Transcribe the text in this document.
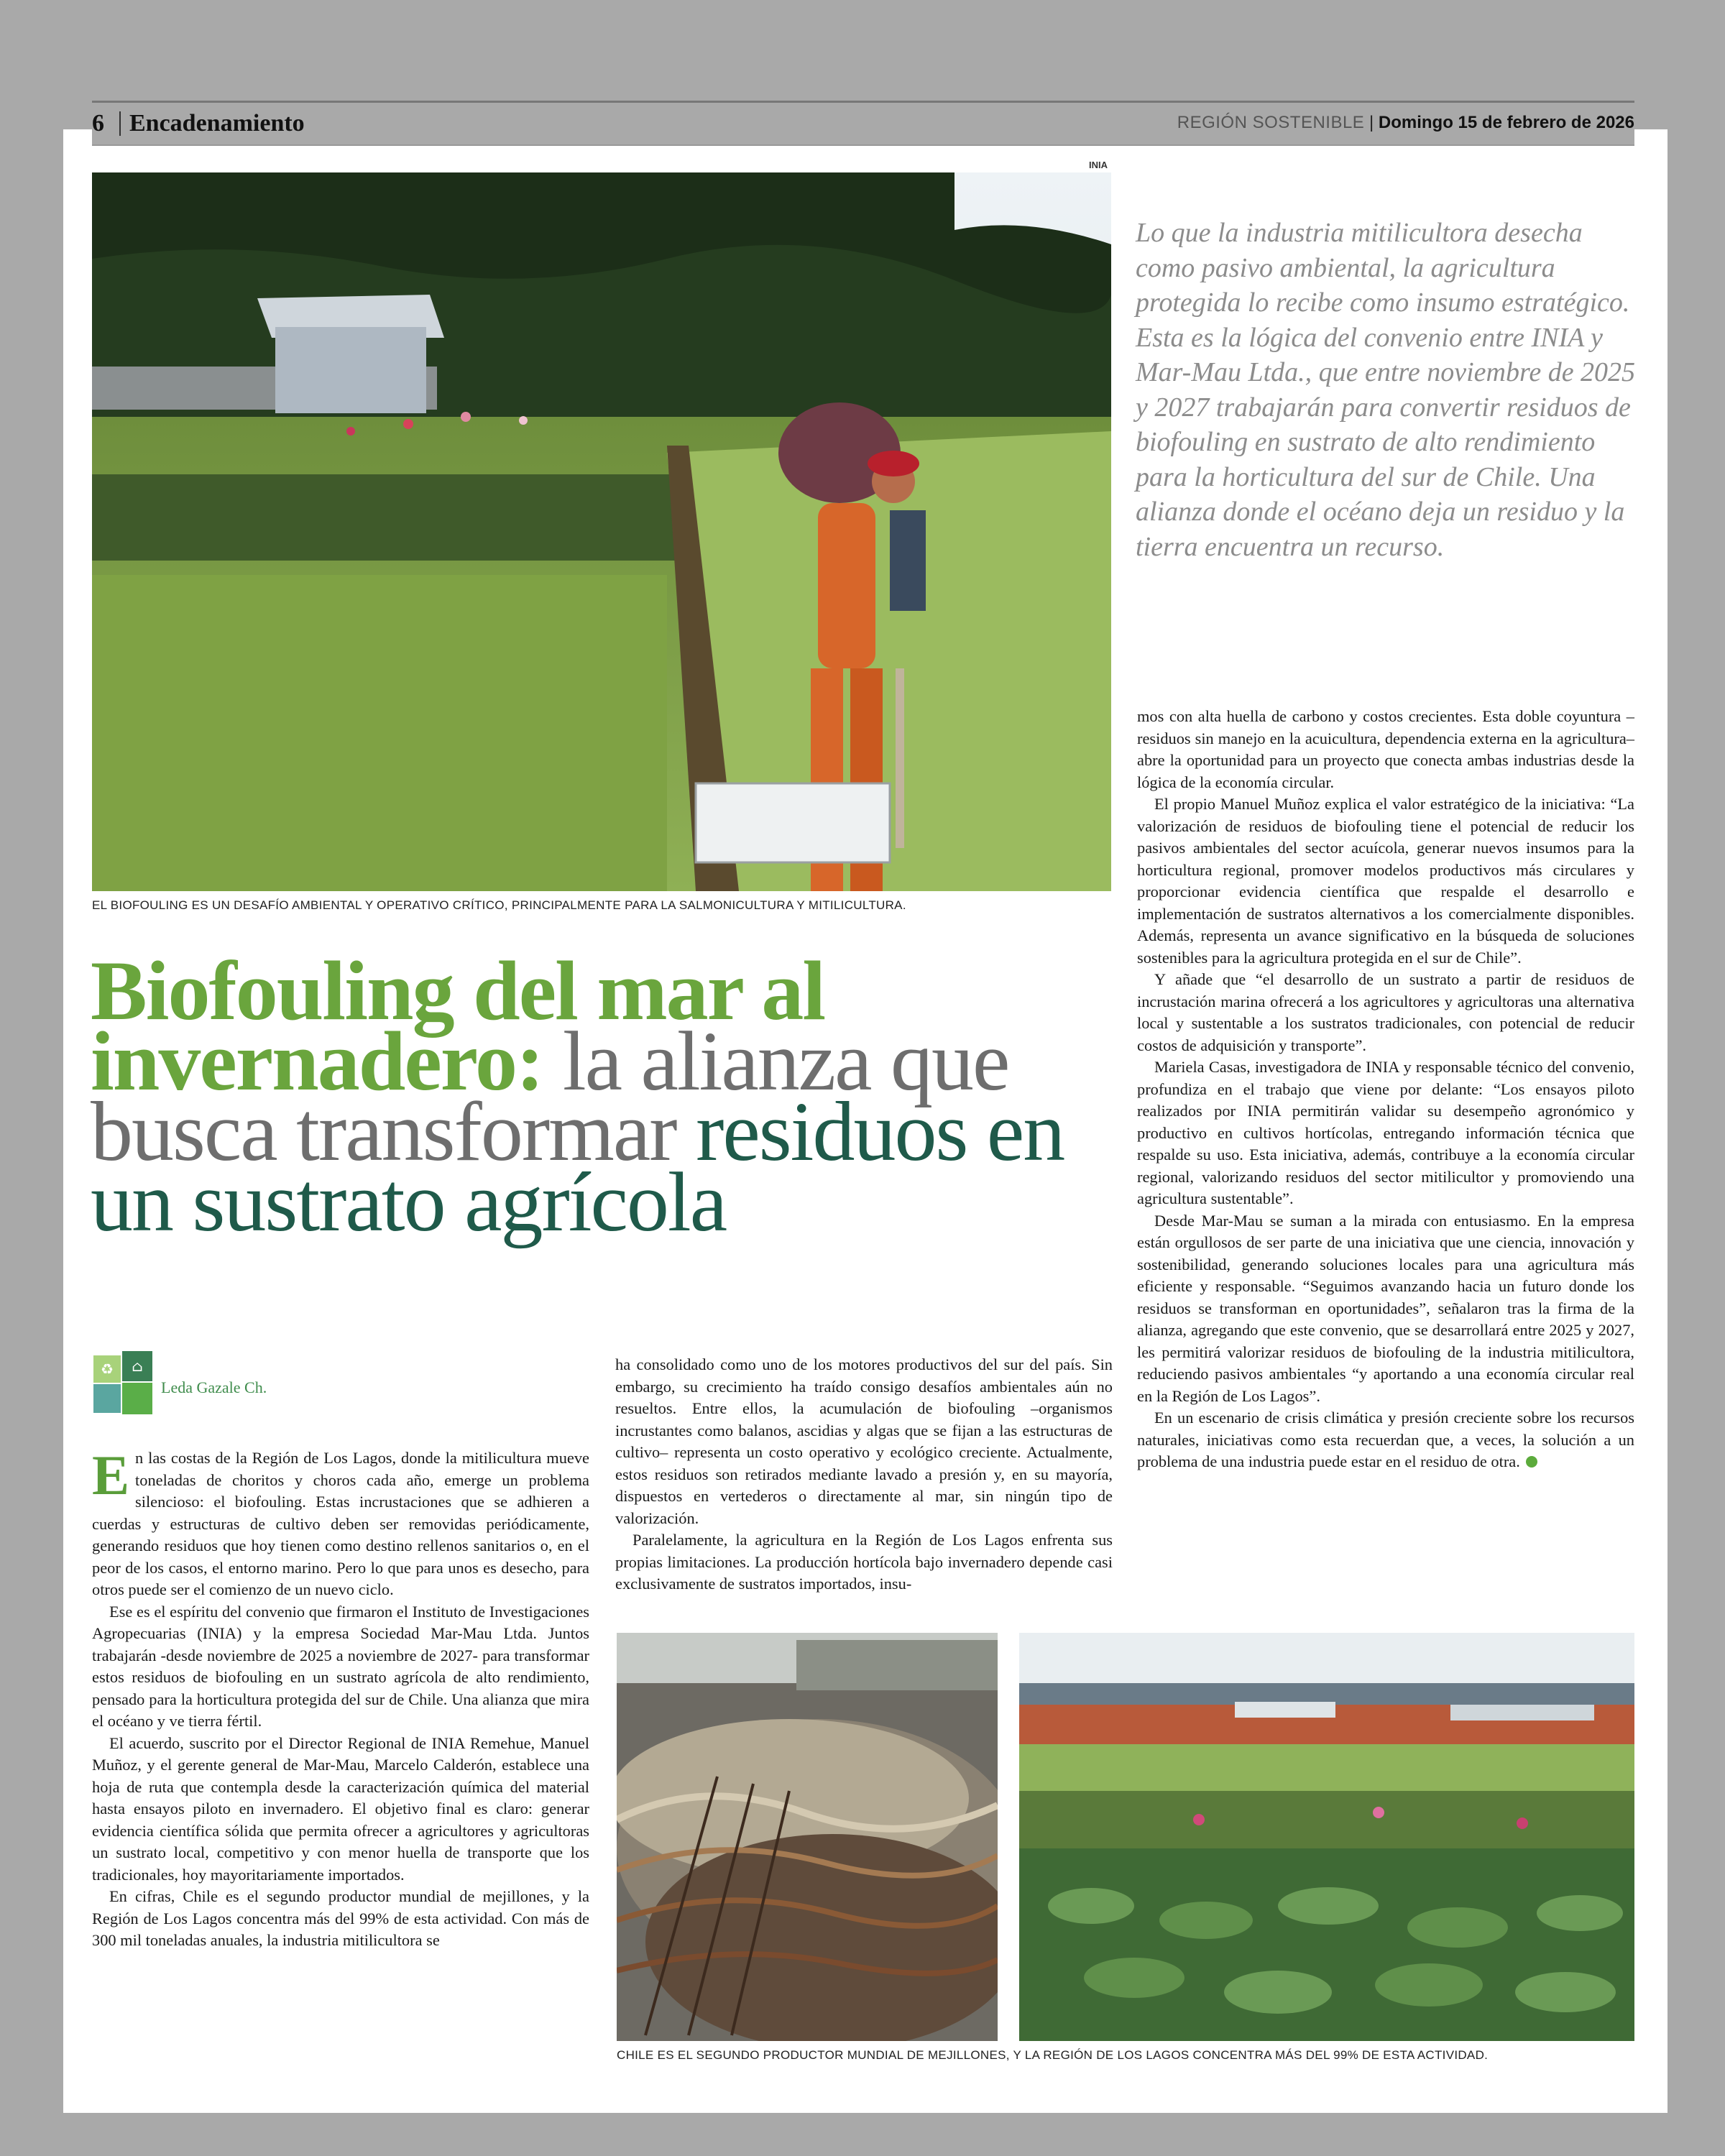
6 Encadenamiento	REGIÓN SOSTENIBLE | Domingo 15 de febrero de 2026
INIA
EL BIOFOULING ES UN DESAFÍO AMBIENTAL Y OPERATIVO CRÍTICO, PRINCIPALMENTE PARA LA SALMONICULTURA Y MITILICULTURA.
Lo que la industria mitilicultora desecha como pasivo ambiental, la agricultura protegida lo recibe como insumo estratégico. Esta es la lógica del convenio entre INIA y Mar-Mau Ltda., que entre noviembre de 2025 y 2027 trabajarán para convertir residuos de biofouling en sustrato de alto rendimiento para la horticultura del sur de Chile. Una alianza donde el océano deja un residuo y la tierra encuentra un recurso.
Biofouling del mar al invernadero: la alianza que busca transformar residuos en un sustrato agrícola
♻ ⌂
Leda Gazale Ch.

En las costas de la Región de Los Lagos, donde la mitilicultura mueve toneladas de choritos y choros cada año, emerge un problema silencioso: el biofouling. Estas incrustaciones que se adhieren a cuerdas y estructuras de cultivo deben ser removidas periódicamente, generando residuos que hoy tienen como destino rellenos sanitarios o, en el peor de los casos, el entorno marino. Pero lo que para unos es desecho, para otros puede ser el comienzo de un nuevo ciclo.

Ese es el espíritu del convenio que firmaron el Instituto de Investigaciones Agropecuarias (INIA) y la empresa Sociedad Mar-Mau Ltda. Juntos trabajarán -desde noviembre de 2025 a noviembre de 2027- para transformar estos residuos de biofouling en un sustrato agrícola de alto rendimiento, pensado para la horticultura protegida del sur de Chile. Una alianza que mira el océano y ve tierra fértil.

El acuerdo, suscrito por el Director Regional de INIA Remehue, Manuel Muñoz, y el gerente general de Mar-Mau, Marcelo Calderón, establece una hoja de ruta que contempla desde la caracterización química del material hasta ensayos piloto en invernadero. El objetivo final es claro: generar evidencia científica sólida que permita ofrecer a agricultores y agricultoras un sustrato local, competitivo y con menor huella de transporte que los tradicionales, hoy mayoritariamente importados.

En cifras, Chile es el segundo productor mundial de mejillones, y la Región de Los Lagos concentra más del 99% de esta actividad. Con más de 300 mil toneladas anuales, la industria mitilicultora se

ha consolidado como uno de los motores productivos del sur del país. Sin embargo, su crecimiento ha traído consigo desafíos ambientales aún no resueltos. Entre ellos, la acumulación de biofouling –organismos incrustantes como balanos, ascidias y algas que se fijan a las estructuras de cultivo– representa un costo operativo y ecológico creciente. Actualmente, estos residuos son retirados mediante lavado a presión y, en su mayoría, dispuestos en vertederos o directamente al mar, sin ningún tipo de valorización.

Paralelamente, la agricultura en la Región de Los Lagos enfrenta sus propias limitaciones. La producción hortícola bajo invernadero depende casi exclusivamente de sustratos importados, insu-

mos con alta huella de carbono y costos crecientes. Esta doble coyuntura –residuos sin manejo en la acuicultura, dependencia externa en la agricultura– abre la oportunidad para un proyecto que conecta ambas industrias desde la lógica de la economía circular.

El propio Manuel Muñoz explica el valor estratégico de la iniciativa: “La valorización de residuos de biofouling tiene el potencial de reducir los pasivos ambientales del sector acuícola, generar nuevos insumos para la horticultura regional, promover modelos productivos más circulares y proporcionar evidencia científica que respalde el desarrollo e implementación de sustratos alternativos a los comercialmente disponibles. Además, representa un avance significativo en la búsqueda de soluciones sostenibles para la agricultura protegida en el sur de Chile”.

Y añade que “el desarrollo de un sustrato a partir de residuos de incrustación marina ofrecerá a los agricultores y agricultoras una alternativa local y sustentable a los sustratos tradicionales, con potencial de reducir costos de adquisición y transporte”.

Mariela Casas, investigadora de INIA y responsable técnico del convenio, profundiza en el trabajo que viene por delante: “Los ensayos piloto realizados por INIA permitirán validar su desempeño agronómico y productivo en cultivos hortícolas, entregando información técnica que respalde su uso. Esta iniciativa, además, contribuye a la economía circular regional, valorizando residuos del sector mitilicultor y promoviendo una agricultura sustentable”.

Desde Mar-Mau se suman a la mirada con entusiasmo. En la empresa están orgullosos de ser parte de una iniciativa que une ciencia, innovación y sostenibilidad, generando soluciones locales para una agricultura más eficiente y responsable. “Seguimos avanzando hacia un futuro donde los residuos se transforman en oportunidades”, señalaron tras la firma de la alianza, agregando que este convenio, que se desarrollará entre 2025 y 2027, les permitirá valorizar residuos de biofouling de la industria mitilicultora, reduciendo pasivos ambientales “y aportando a una economía circular real en la Región de Los Lagos”.

En un escenario de crisis climática y presión creciente sobre los recursos naturales, iniciativas como esta recuerdan que, a veces, la solución a un problema de una industria puede estar en el residuo de otra.

CHILE ES EL SEGUNDO PRODUCTOR MUNDIAL DE MEJILLONES, Y LA REGIÓN DE LOS LAGOS CONCENTRA MÁS DEL 99% DE ESTA ACTIVIDAD.
